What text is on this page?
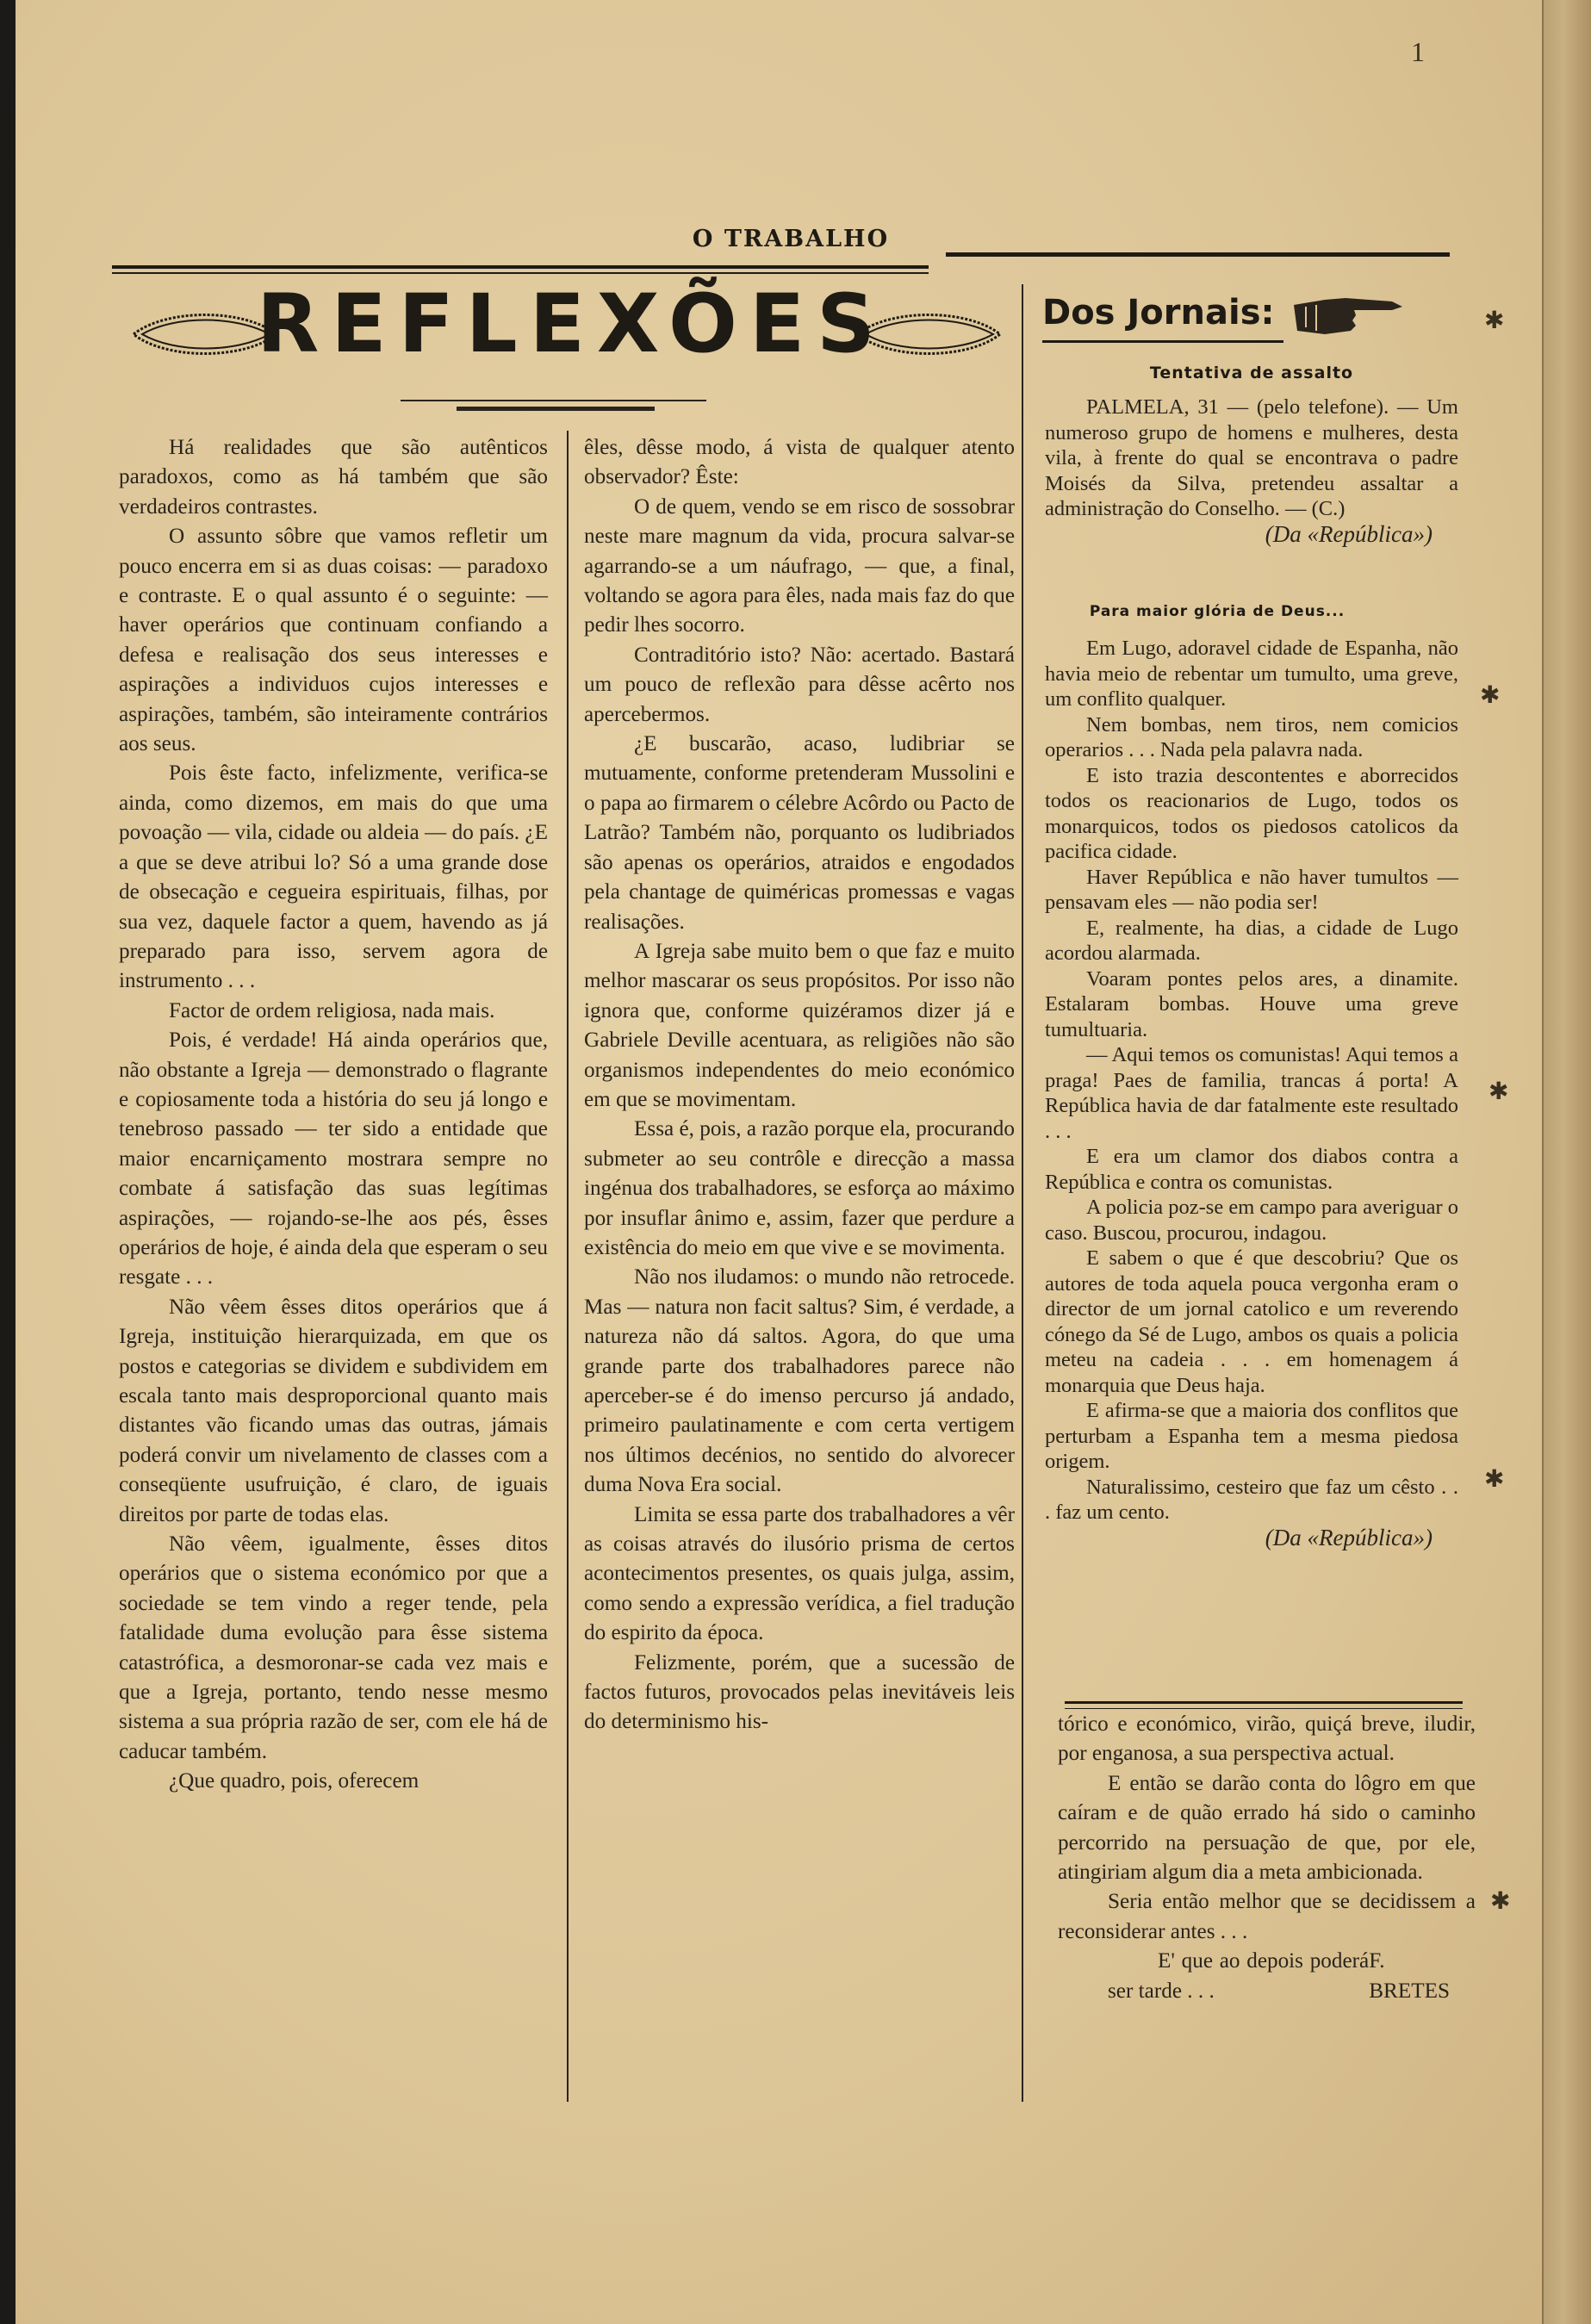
1
O TRABALHO
REFLEXÕES

Há realidades que são autênticos paradoxos, como as há também que são verdadeiros contrastes.

O assunto sôbre que vamos refletir um pouco encerra em si as duas coisas: — paradoxo e contraste. E o qual assunto é o seguinte: — haver operários que continuam confiando a defesa e realisação dos seus interesses e aspirações a individuos cujos interesses e aspirações, também, são inteiramente contrários aos seus.

Pois êste facto, infelizmente, verifica-se ainda, como dizemos, em mais do que uma povoação — vila, cidade ou aldeia — do país. ¿E a que se deve atribui lo? Só a uma grande dose de obsecação e cegueira espirituais, filhas, por sua vez, daquele factor a quem, havendo as já preparado para isso, servem agora de instrumento . . .

Factor de ordem religiosa, nada mais.

Pois, é verdade! Há ainda operários que, não obstante a Igreja — demonstrado o flagrante e copiosamente toda a história do seu já longo e tenebroso passado — ter sido a entidade que maior encarniçamento mostrara sempre no combate á satisfação das suas legítimas aspirações, — rojando-se-lhe aos pés, êsses operários de hoje, é ainda dela que esperam o seu resgate . . .

Não vêem êsses ditos operários que á Igreja, instituição hierarquizada, em que os postos e categorias se dividem e subdividem em escala tanto mais desproporcional quanto mais distantes vão ficando umas das outras, jámais poderá convir um nivelamento de classes com a conseqüente usufruição, é claro, de iguais direitos por parte de todas elas.

Não vêem, igualmente, êsses ditos operários que o sistema económico por que a sociedade se tem vindo a reger tende, pela fatalidade duma evolução para êsse sistema catastrófica, a desmoronar-se cada vez mais e que a Igreja, portanto, tendo nesse mesmo sistema a sua própria razão de ser, com ele há de caducar também.

¿Que quadro, pois, oferecem

êles, dêsse modo, á vista de qualquer atento observador? Êste:

O de quem, vendo se em risco de sossobrar neste mare magnum da vida, procura salvar-se agarrando-se a um náufrago, — que, a final, voltando se agora para êles, nada mais faz do que pedir lhes socorro.

Contraditório isto? Não: acertado. Bastará um pouco de reflexão para dêsse acêrto nos apercebermos.

¿E buscarão, acaso, ludibriar se mutuamente, conforme pretenderam Mussolini e o papa ao firmarem o célebre Acôrdo ou Pacto de Latrão? Também não, porquanto os ludibriados são apenas os operários, atraidos e engodados pela chantage de quiméricas promessas e vagas realisações.

A Igreja sabe muito bem o que faz e muito melhor mascarar os seus propósitos. Por isso não ignora que, conforme quizéramos dizer já e Gabriele Deville acentuara, as religiões não são organismos independentes do meio económico em que se movimentam.

Essa é, pois, a razão porque ela, procurando submeter ao seu contrôle e direcção a massa ingénua dos trabalhadores, se esforça ao máximo por insuflar ânimo e, assim, fazer que perdure a existência do meio em que vive e se movimenta.

Não nos iludamos: o mundo não retrocede. Mas — natura non facit saltus? Sim, é verdade, a natureza não dá saltos. Agora, do que uma grande parte dos trabalhadores parece não aperceber-se é do imenso percurso já andado, primeiro paulatinamente e com certa vertigem nos últimos decénios, no sentido do alvorecer duma Nova Era social.

Limita se essa parte dos trabalhadores a vêr as coisas através do ilusório prisma de certos acontecimentos presentes, os quais julga, assim, como sendo a expressão verídica, a fiel tradução do espirito da época.

Felizmente, porém, que a sucessão de factos futuros, provocados pelas inevitáveis leis do determinismo his-

Dos Jornais:
Tentativa de assalto

PALMELA, 31 — (pelo telefone). — Um numeroso grupo de homens e mulheres, desta vila, à frente do qual se encontrava o padre Moisés da Silva, pretendeu assaltar a administração do Conselho. — (C.)

(Da «República»)
Para maior glória de Deus...

Em Lugo, adoravel cidade de Espanha, não havia meio de rebentar um tumulto, uma greve, um conflito qualquer.

Nem bombas, nem tiros, nem comicios operarios . . . Nada pela palavra nada.

E isto trazia descontentes e aborrecidos todos os reacionarios de Lugo, todos os monarquicos, todos os piedosos catolicos da pacifica cidade.

Haver República e não haver tumultos — pensavam eles — não podia ser!

E, realmente, ha dias, a cidade de Lugo acordou alarmada.

Voaram pontes pelos ares, a dinamite. Estalaram bombas. Houve uma greve tumultuaria.

— Aqui temos os comunistas! Aqui temos a praga! Paes de familia, trancas á porta! A República havia de dar fatalmente este resultado . . .

E era um clamor dos diabos contra a República e contra os comunistas.

A policia poz-se em campo para averiguar o caso. Buscou, procurou, indagou.

E sabem o que é que descobriu? Que os autores de toda aquela pouca vergonha eram o director de um jornal catolico e um reverendo cónego da Sé de Lugo, ambos os quais a policia meteu na cadeia . . . em homenagem á monarquia que Deus haja.

E afirma-se que a maioria dos conflitos que perturbam a Espanha tem a mesma piedosa origem.

Naturalissimo, cesteiro que faz um cêsto . . . faz um cento.

(Da «República»)

tórico e económico, virão, quiçá breve, iludir, por enganosa, a sua perspectiva actual.

E então se darão conta do lôgro em que caíram e de quão errado há sido o caminho percorrido na persuação de que, por ele, atingiriam algum dia a meta ambicionada.

Seria então melhor que se decidissem a reconsiderar antes . . .

E' que ao depois poderá ser tarde . . .
F. BRETES
✱
✱
✱
✱
✱
